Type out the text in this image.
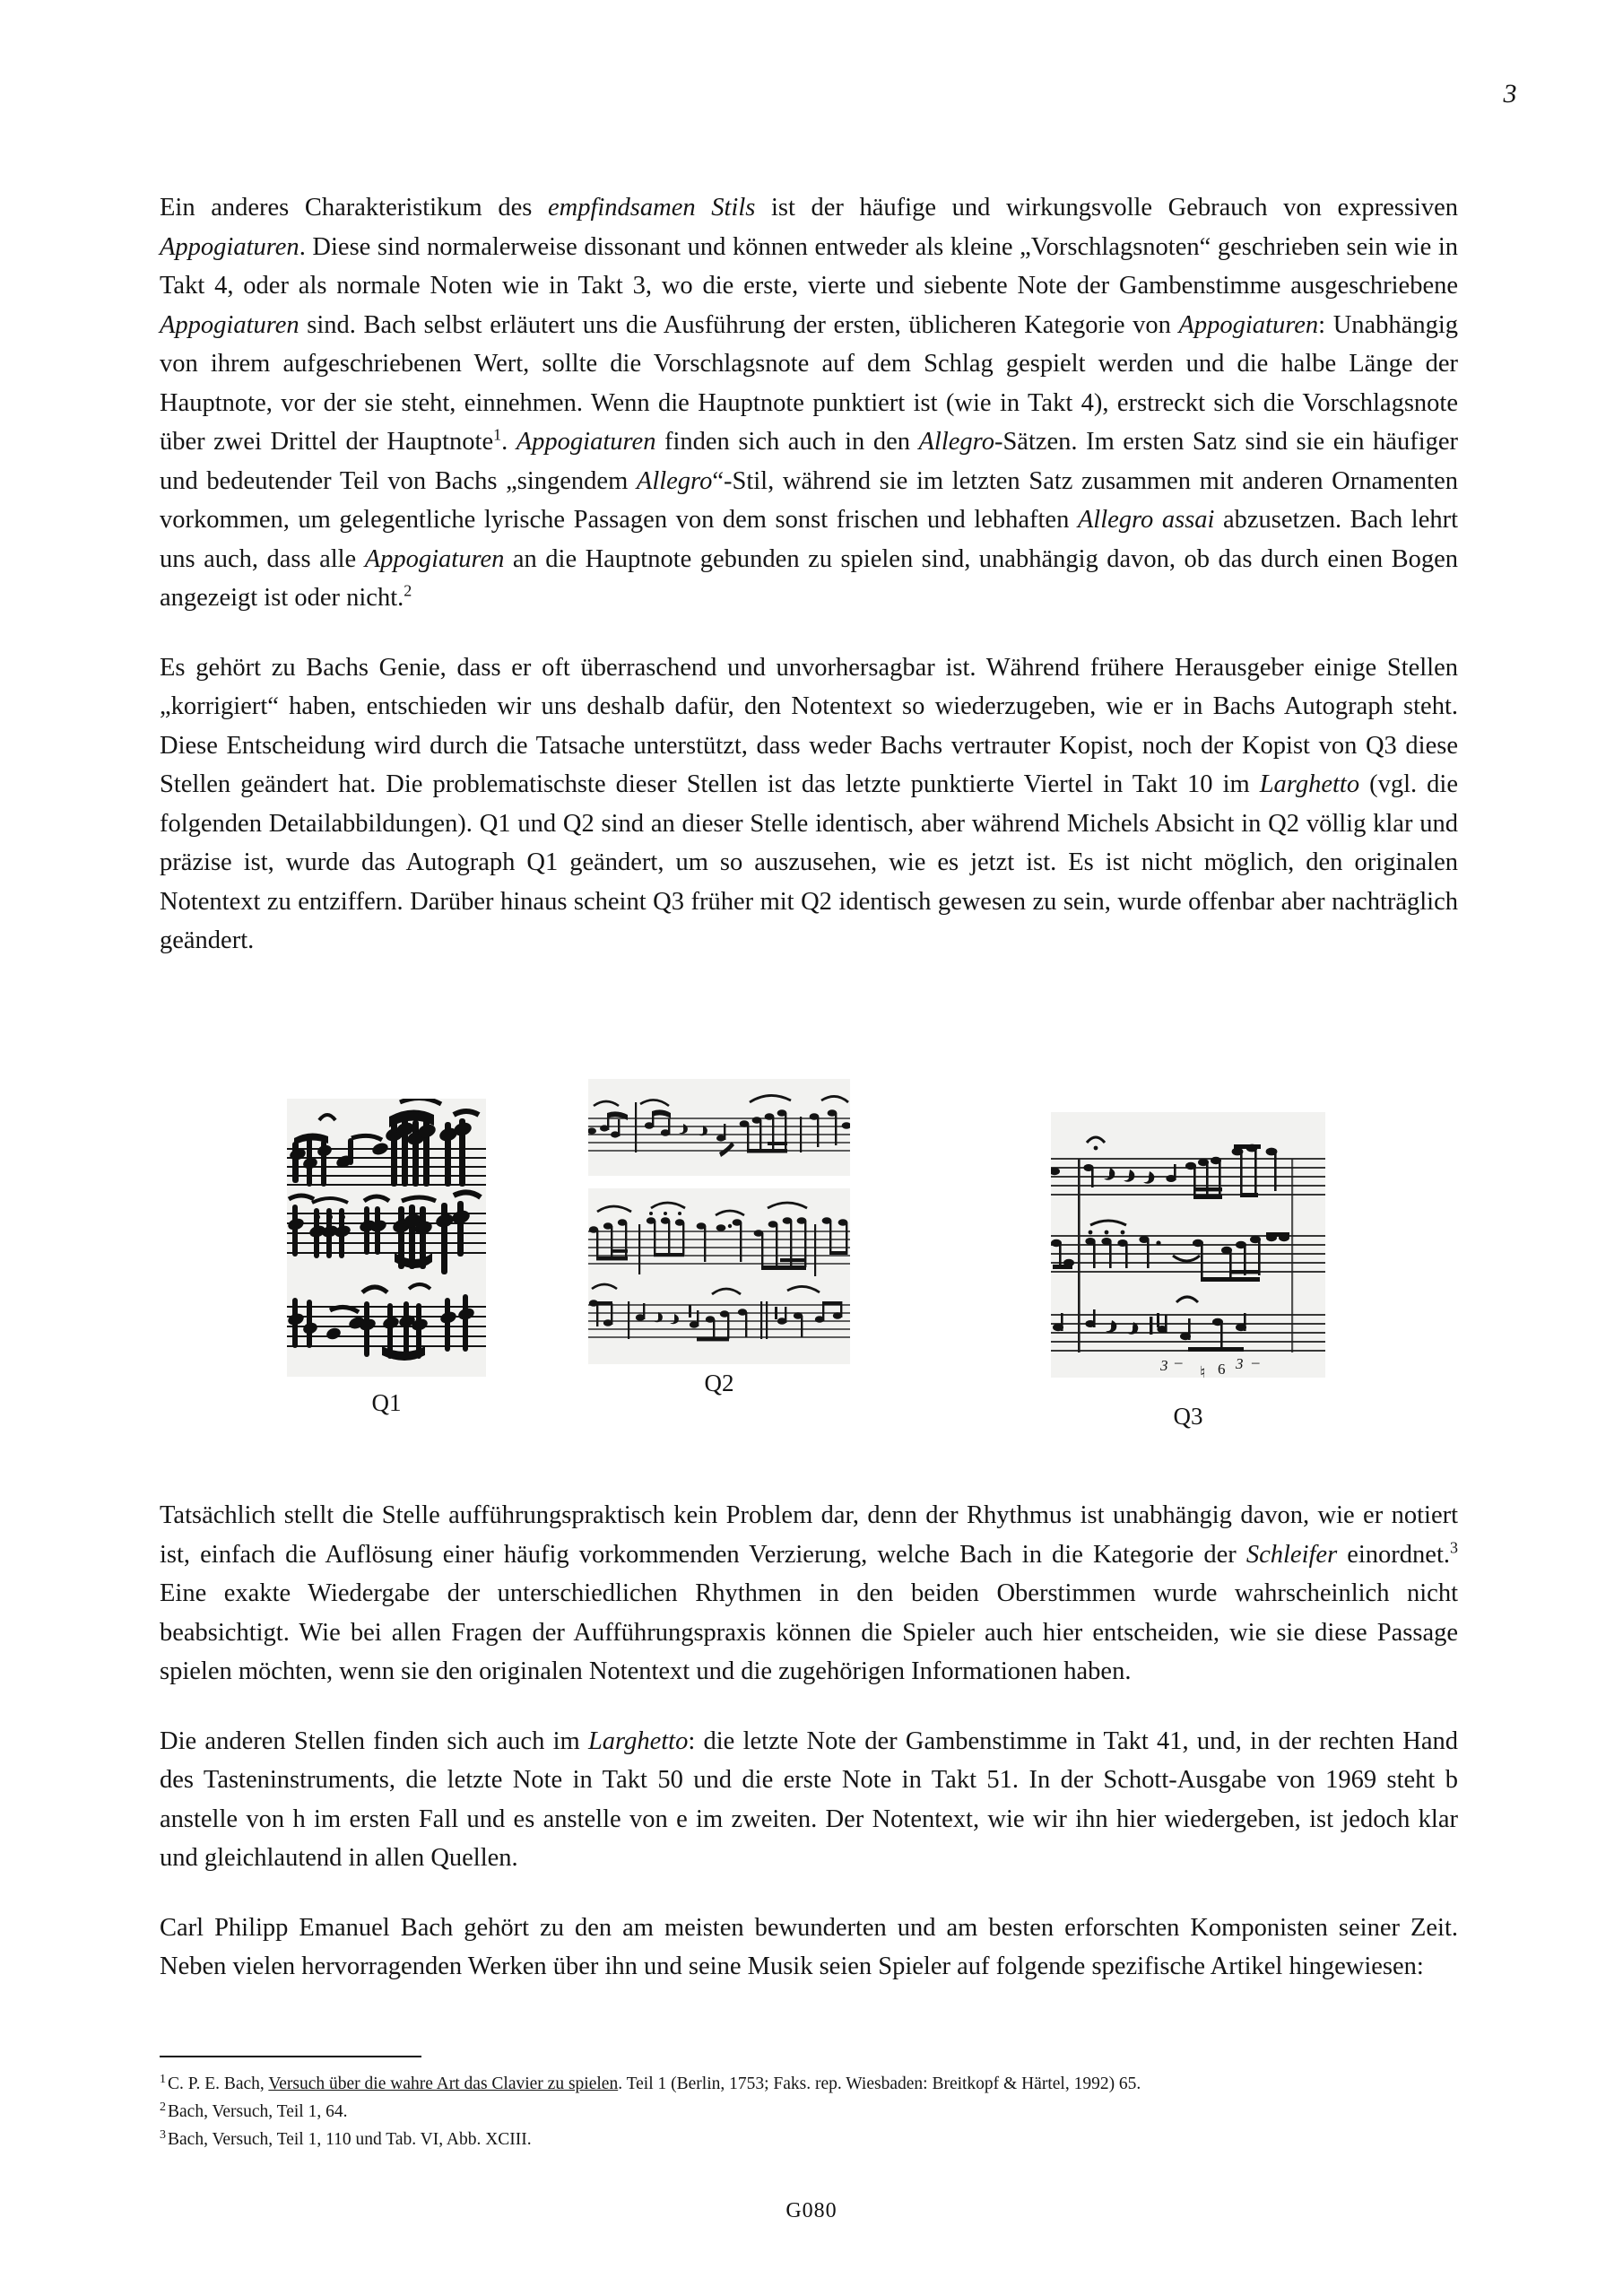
3

Ein anderes Charakteristikum des empfindsamen Stils ist der häufige und wirkungsvolle Gebrauch von expressiven Appogiaturen. Diese sind normalerweise dissonant und können entweder als kleine „Vorschlagsnoten“ geschrieben sein wie in Takt 4, oder als normale Noten wie in Takt 3, wo die erste, vierte und siebente Note der Gambenstimme ausgeschriebene Appogiaturen sind. Bach selbst erläutert uns die Ausführung der ersten, üblicheren Kategorie von Appogiaturen: Unabhängig von ihrem aufgeschriebenen Wert, sollte die Vorschlagsnote auf dem Schlag gespielt werden und die halbe Länge der Hauptnote, vor der sie steht, einnehmen. Wenn die Hauptnote punktiert ist (wie in Takt 4), erstreckt sich die Vorschlagsnote über zwei Drittel der Hauptnote$^1$. Appogiaturen finden sich auch in den Allegro-Sätzen. Im ersten Satz sind sie ein häufiger und bedeutender Teil von Bachs „singendem Allegro“-Stil, während sie im letzten Satz zusammen mit anderen Ornamenten vorkommen, um gelegentliche lyrische Passagen von dem sonst frischen und lebhaften Allegro assai abzusetzen. Bach lehrt uns auch, dass alle Appogiaturen an die Hauptnote gebunden zu spielen sind, unabhängig davon, ob das durch einen Bogen angezeigt ist oder nicht.$^2$

Es gehört zu Bachs Genie, dass er oft überraschend und unvorhersagbar ist. Während frühere Herausgeber einige Stellen „korrigiert“ haben, entschieden wir uns deshalb dafür, den Notentext so wiederzugeben, wie er in Bachs Autograph steht. Diese Entscheidung wird durch die Tatsache unterstützt, dass weder Bachs vertrauter Kopist, noch der Kopist von Q3 diese Stellen geändert hat. Die problematischste dieser Stellen ist das letzte punktierte Viertel in Takt 10 im Larghetto (vgl. die folgenden Detailabbildungen). Q1 und Q2 sind an dieser Stelle identisch, aber während Michels Absicht in Q2 völlig klar und präzise ist, wurde das Autograph Q1 geändert, um so auszusehen, wie es jetzt ist. Es ist nicht möglich, den originalen Notentext zu entziffern. Darüber hinaus scheint Q3 früher mit Q2 identisch gewesen zu sein, wurde offenbar aber nachträglich geändert.

Q1
Q2
3 –
♮ 6 3 –
Q3

Tatsächlich stellt die Stelle aufführungspraktisch kein Problem dar, denn der Rhythmus ist unabhängig davon, wie er notiert ist, einfach die Auflösung einer häufig vorkommenden Verzierung, welche Bach in die Kategorie der Schleifer einordnet.$^3$ Eine exakte Wiedergabe der unterschiedlichen Rhythmen in den beiden Oberstimmen wurde wahrscheinlich nicht beabsichtigt. Wie bei allen Fragen der Aufführungspraxis können die Spieler auch hier entscheiden, wie sie diese Passage spielen möchten, wenn sie den originalen Notentext und die zugehörigen Informationen haben.

Die anderen Stellen finden sich auch im Larghetto: die letzte Note der Gambenstimme in Takt 41, und, in der rechten Hand des Tasteninstruments, die letzte Note in Takt 50 und die erste Note in Takt 51. In der Schott-Ausgabe von 1969 steht b anstelle von h im ersten Fall und es anstelle von e im zweiten. Der Notentext, wie wir ihn hier wiedergeben, ist jedoch klar und gleichlautend in allen Quellen.

Carl Philipp Emanuel Bach gehört zu den am meisten bewunderten und am besten erforschten Komponisten seiner Zeit. Neben vielen hervorragenden Werken über ihn und seine Musik seien Spieler auf folgende spezifische Artikel hingewiesen:

$^1$ C. P. E. Bach, Versuch über die wahre Art das Clavier zu spielen. Teil 1 (Berlin, 1753; Faks. rep. Wiesbaden: Breitkopf & Härtel, 1992) 65.
$^2$ Bach, Versuch, Teil 1, 64.
$^3$ Bach, Versuch, Teil 1, 110 und Tab. VI, Abb. XCIII.
G080
